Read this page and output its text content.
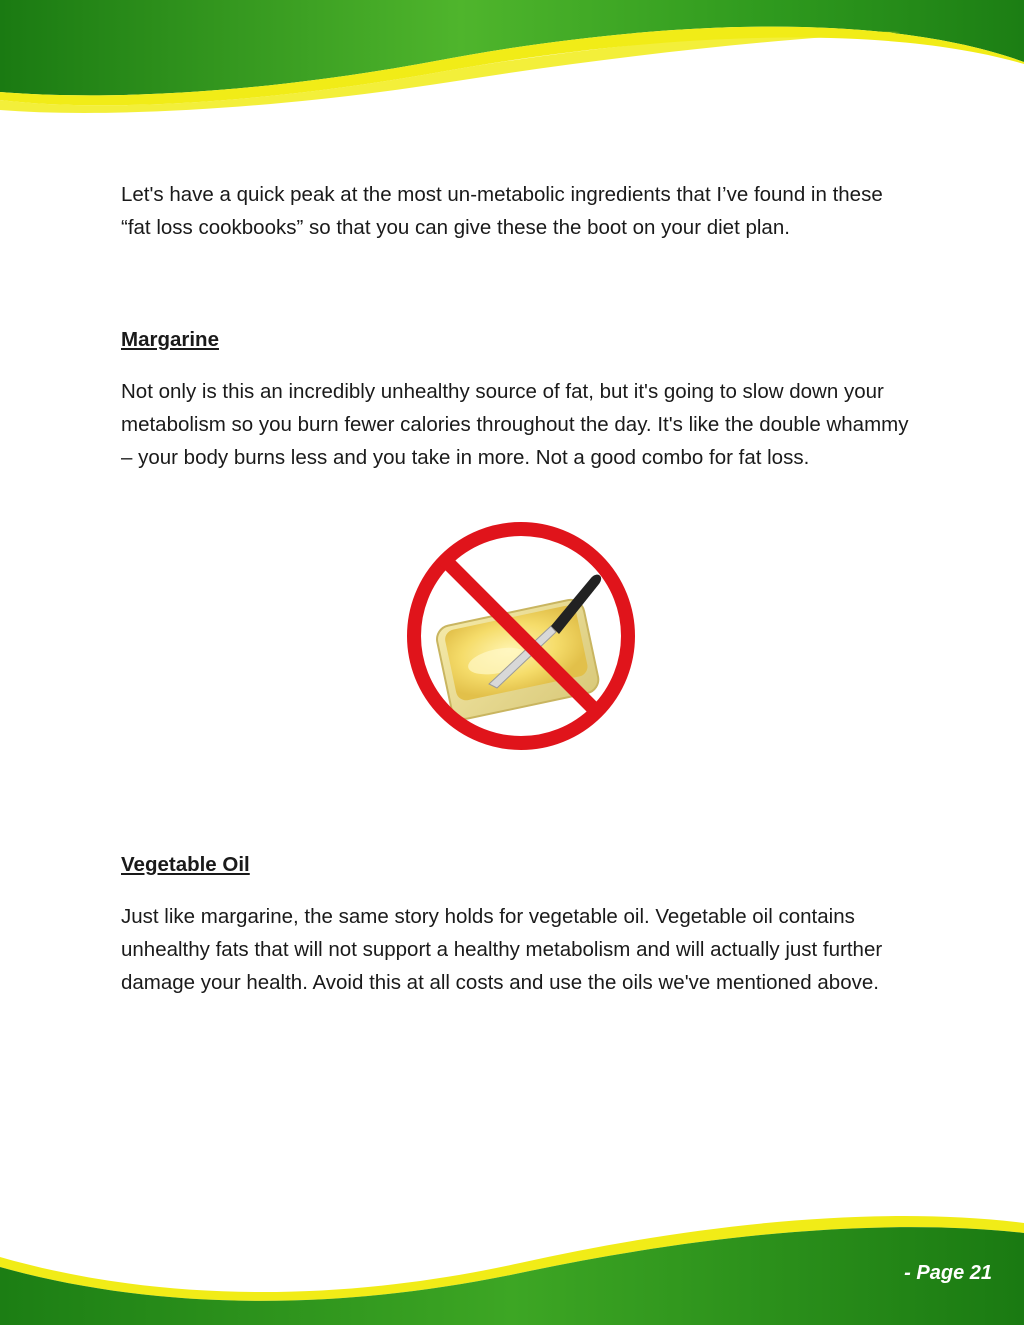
Let's have a quick peak at the most un-metabolic ingredients that I’ve found in these “fat loss cookbooks” so that you can give these the boot on your diet plan.

Margarine

Not only is this an incredibly unhealthy source of fat, but it's going to slow down your metabolism so you burn fewer calories throughout the day. It's like the double whammy – your body burns less and you take in more. Not a good combo for fat loss.

Vegetable Oil

Just like margarine, the same story holds for vegetable oil. Vegetable oil contains unhealthy fats that will not support a healthy metabolism and will actually just further damage your health. Avoid this at all costs and use the oils we've mentioned above.

- Page 21
